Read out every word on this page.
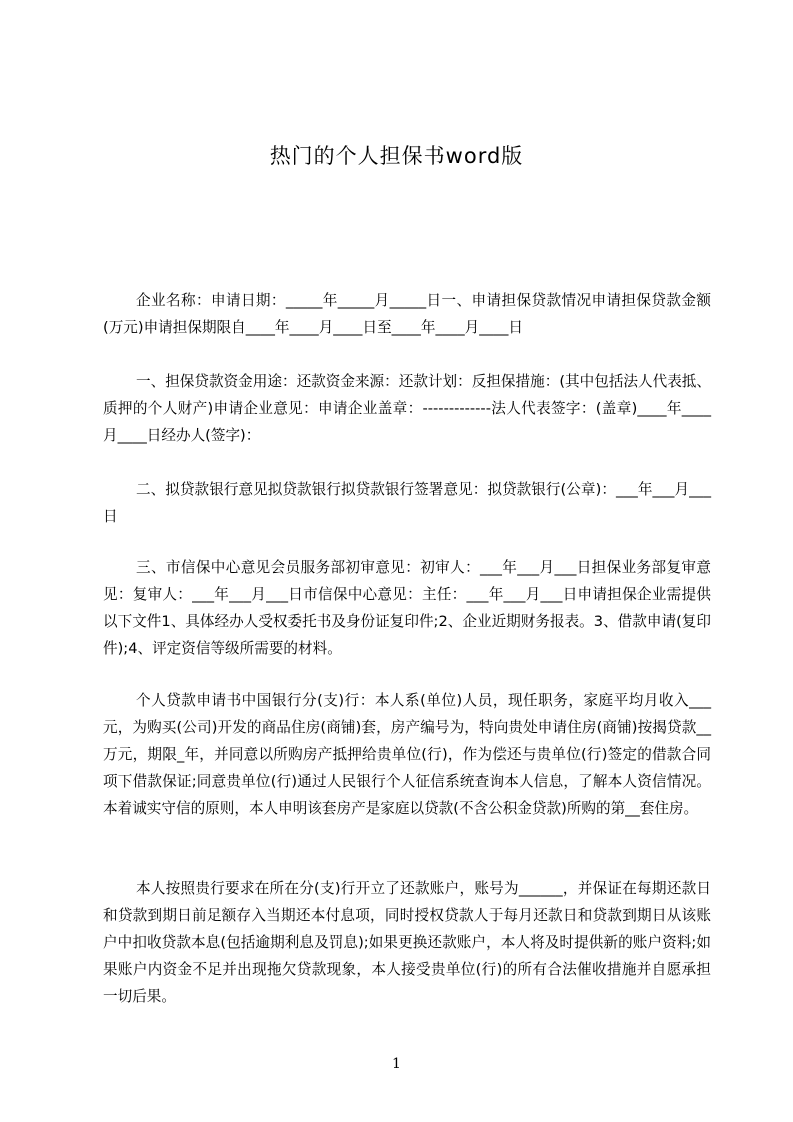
热门的个人担保书word版

企业名称：申请日期：_____年_____月_____日一、申请担保贷款情况申请担保贷款金额(万元)申请担保期限自____年____月____日至____年____月____日

一、担保贷款资金用途：还款资金来源：还款计划：反担保措施：(其中包括法人代表抵、质押的个人财产)申请企业意见：申请企业盖章：-------------法人代表签字：(盖章)____年____月____日经办人(签字)：

二、拟贷款银行意见拟贷款银行拟贷款银行签署意见：拟贷款银行(公章)：___年___月___日

三、市信保中心意见会员服务部初审意见：初审人：___年___月___日担保业务部复审意见：复审人：___年___月___日市信保中心意见：主任：___年___月___日申请担保企业需提供以下文件1、具体经办人受权委托书及身份证复印件;2、企业近期财务报表。3、借款申请(复印件);4、评定资信等级所需要的材料。

个人贷款申请书中国银行分(支)行：本人系(单位)人员，现任职务，家庭平均月收入___元，为购买(公司)开发的商品住房(商铺)套，房产编号为，特向贵处申请住房(商铺)按揭贷款__万元，期限_年，并同意以所购房产抵押给贵单位(行)，作为偿还与贵单位(行)签定的借款合同项下借款保证;同意贵单位(行)通过人民银行个人征信系统查询本人信息，了解本人资信情况。本着诚实守信的原则，本人申明该套房产是家庭以贷款(不含公积金贷款)所购的第__套住房。

本人按照贵行要求在所在分(支)行开立了还款账户，账号为______，并保证在每期还款日和贷款到期日前足额存入当期还本付息项，同时授权贷款人于每月还款日和贷款到期日从该账户中扣收贷款本息(包括逾期利息及罚息);如果更换还款账户，本人将及时提供新的账户资料;如果账户内资金不足并出现拖欠贷款现象，本人接受贵单位(行)的所有合法催收措施并自愿承担一切后果。

1
